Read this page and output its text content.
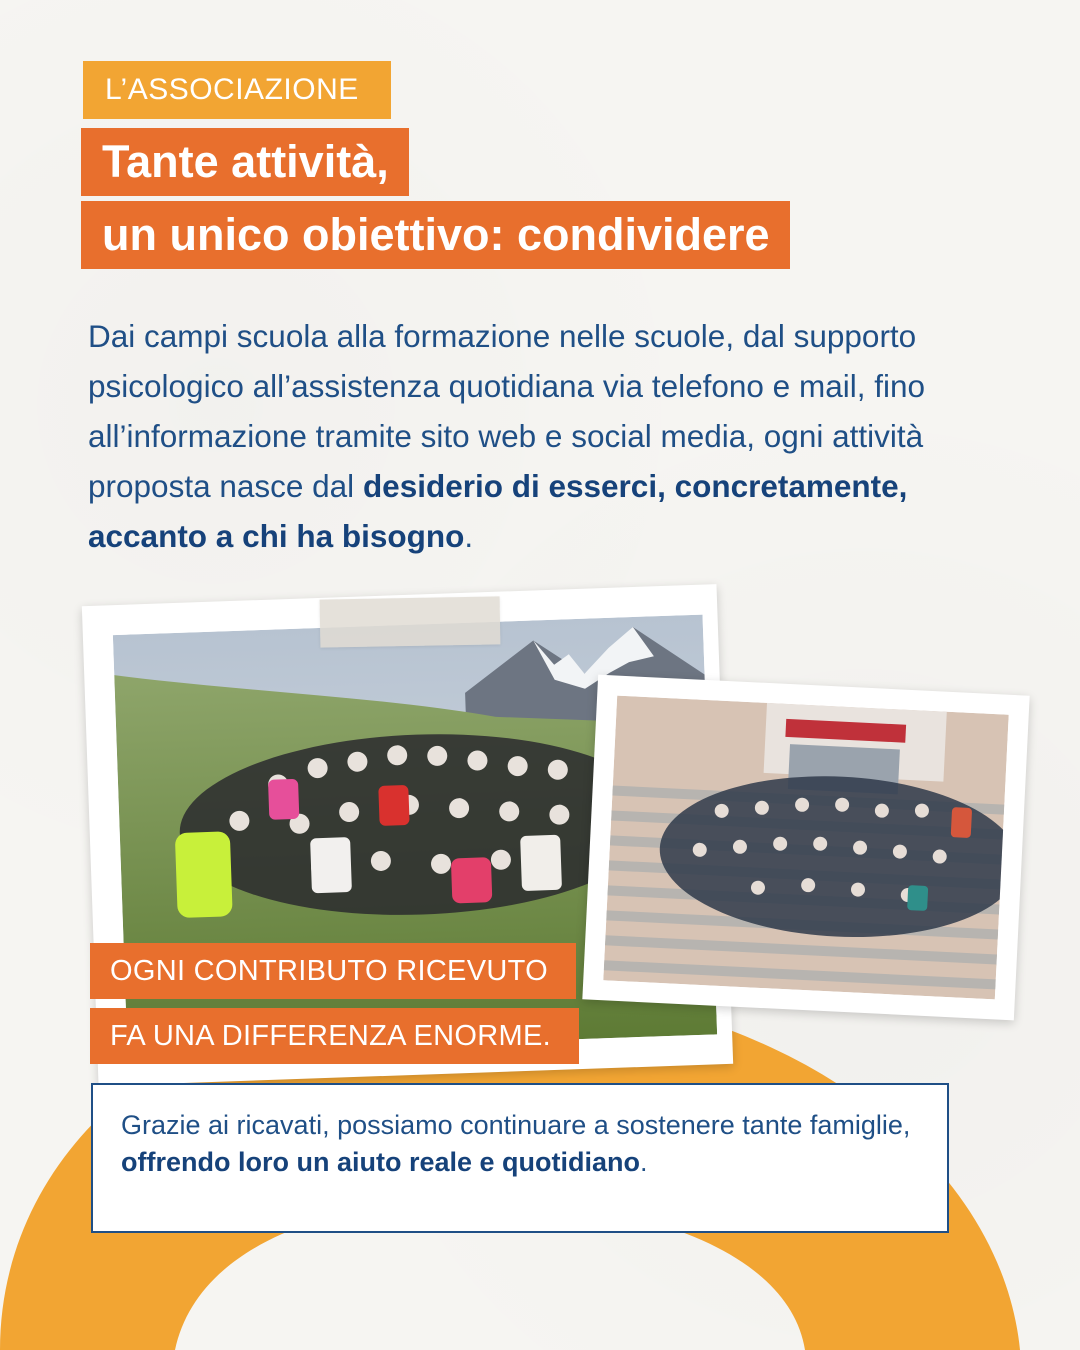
L’ASSOCIAZIONE
Tante attività,
un unico obiettivo: condividere
Dai campi scuola alla formazione nelle scuole, dal supporto psicologico all’assistenza quotidiana via telefono e mail, fino all’informazione tramite sito web e social media, ogni attività proposta nasce dal desiderio di esserci, concretamente, accanto a chi ha bisogno.
OGNI CONTRIBUTO RICEVUTO
FA UNA DIFFERENZA ENORME.
Grazie ai ricavati, possiamo continuare a sostenere tante famiglie, offrendo loro un aiuto reale e quotidiano.
